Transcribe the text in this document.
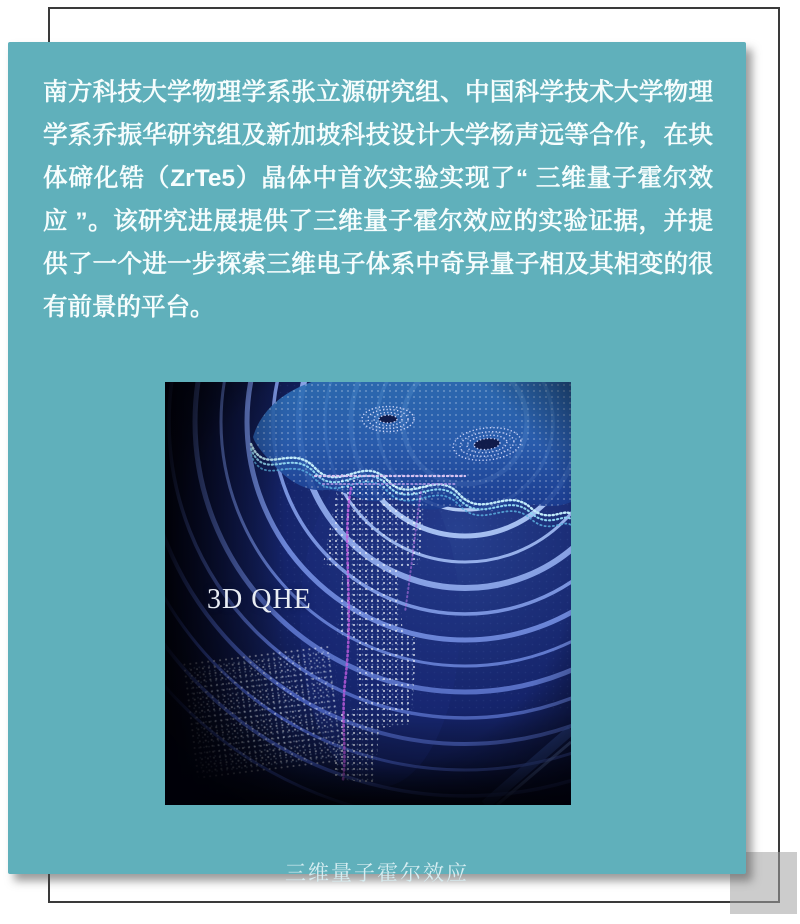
南方科技大学物理学系张立源研究组、中国科学技术大学物理
学系乔振华研究组及新加坡科技设计大学杨声远等合作，在块
体碲化锆（ZrTe5）晶体中首次实验实现了“ 三维量子霍尔效
应 ”。该研究进展提供了三维量子霍尔效应的实验证据，并提
供了一个进一步探索三维电子体系中奇异量子相及其相变的很
有前景的平台。
3D QHE
三维量子霍尔效应
